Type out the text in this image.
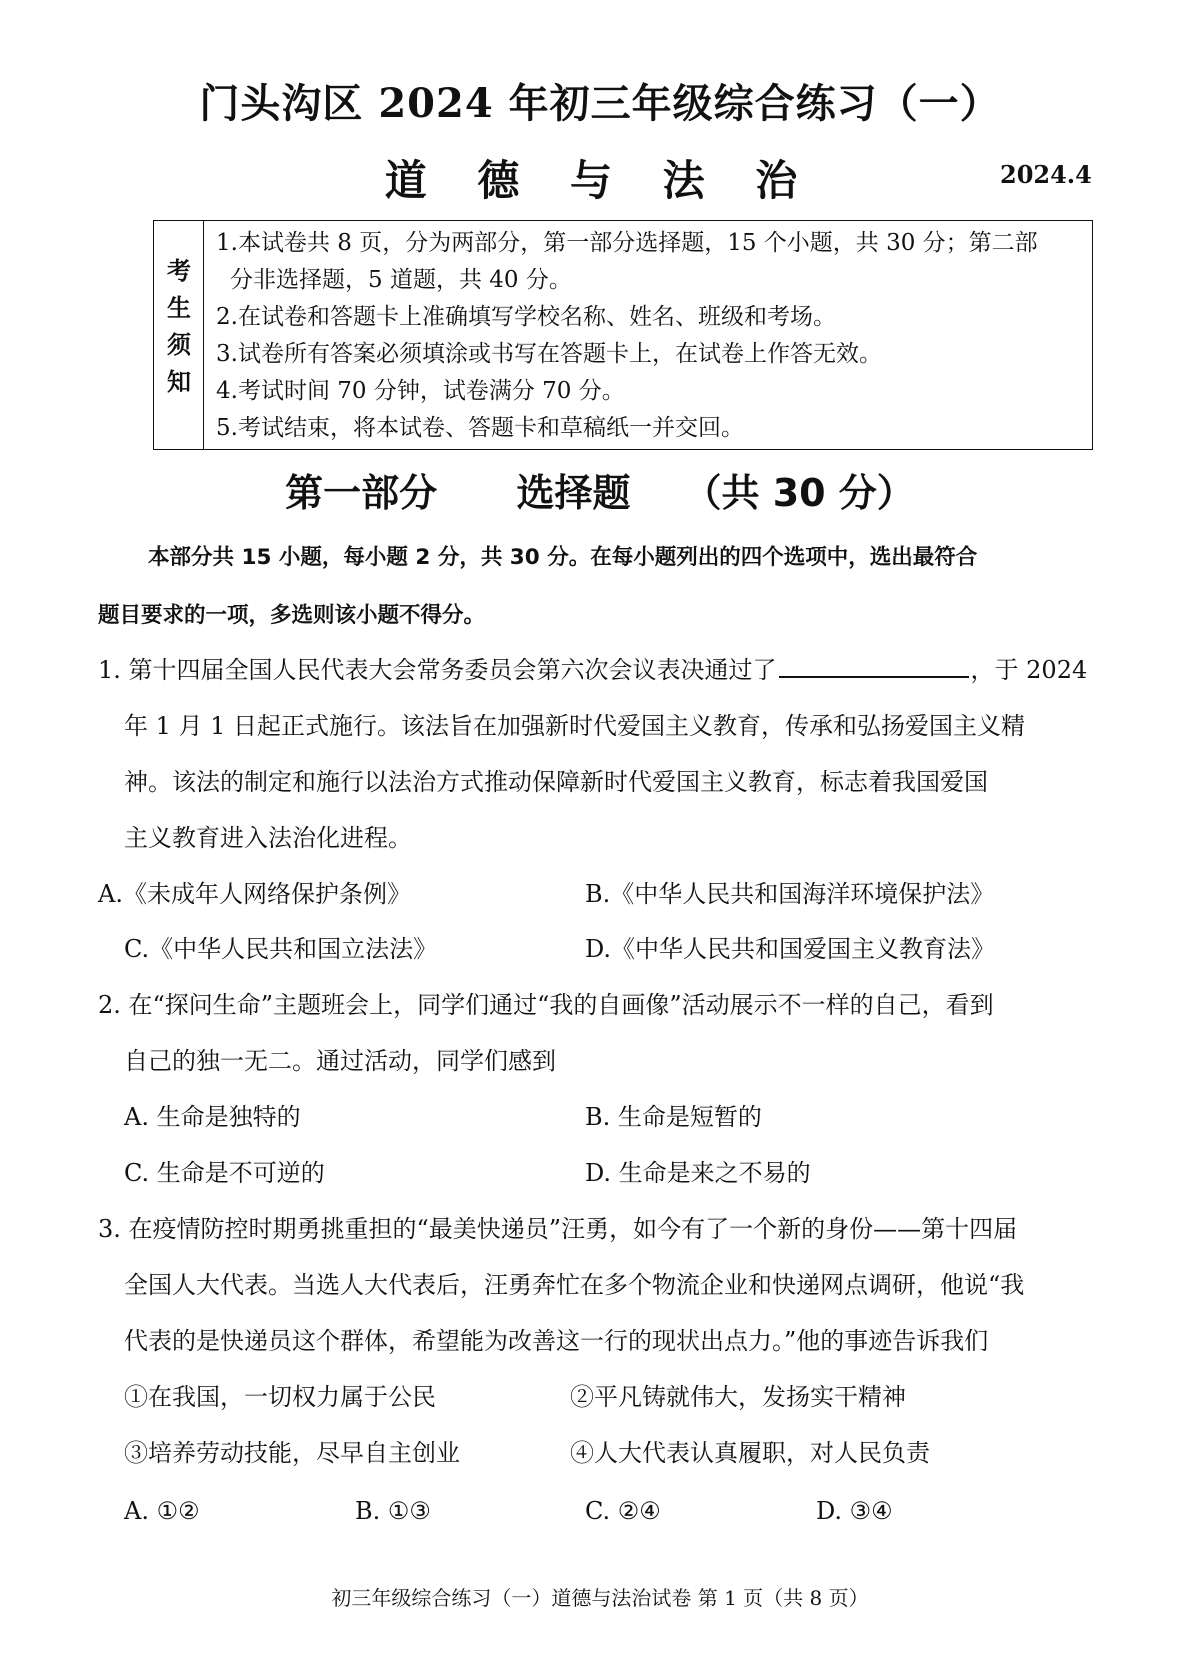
门头沟区 2024 年初三年级综合练习（一）
道 德 与 法 治	2024.4
考
生
须
知
1.本试卷共 8 页，分为两部分，第一部分选择题，15 个小题，共 30 分；第二部
分非选择题，5 道题，共 40 分。
2.在试卷和答题卡上准确填写学校名称、姓名、班级和考场。
3.试卷所有答案必须填涂或书写在答题卡上，在试卷上作答无效。
4.考试时间 70 分钟，试卷满分 70 分。
5.考试结束，将本试卷、答题卡和草稿纸一并交回。
第一部分      选择题    （共 30 分）
本部分共 15 小题，每小题 2 分，共 30 分。在每小题列出的四个选项中，选出最符合
题目要求的一项，多选则该小题不得分。
1. 第十四届全国人民代表大会常务委员会第六次会议表决通过了	，于 2024
年 1 月 1 日起正式施行。该法旨在加强新时代爱国主义教育，传承和弘扬爱国主义精
神。该法的制定和施行以法治方式推动保障新时代爱国主义教育，标志着我国爱国
主义教育进入法治化进程。
A.《未成年人网络保护条例》	B.《中华人民共和国海洋环境保护法》
C.《中华人民共和国立法法》	D.《中华人民共和国爱国主义教育法》
2. 在“探问生命”主题班会上，同学们通过“我的自画像”活动展示不一样的自己，看到
自己的独一无二。通过活动，同学们感到
A. 生命是独特的	B. 生命是短暂的
C. 生命是不可逆的	D. 生命是来之不易的
3. 在疫情防控时期勇挑重担的“最美快递员”汪勇，如今有了一个新的身份——第十四届
全国人大代表。当选人大代表后，汪勇奔忙在多个物流企业和快递网点调研，他说“我
代表的是快递员这个群体，希望能为改善这一行的现状出点力。”他的事迹告诉我们
①在我国，一切权力属于公民	②平凡铸就伟大，发扬实干精神
③培养劳动技能，尽早自主创业	④人大代表认真履职，对人民负责
A. ①②	B. ①③	C. ②④	D. ③④
初三年级综合练习（一）道德与法治试卷 第 1 页（共 8 页）
